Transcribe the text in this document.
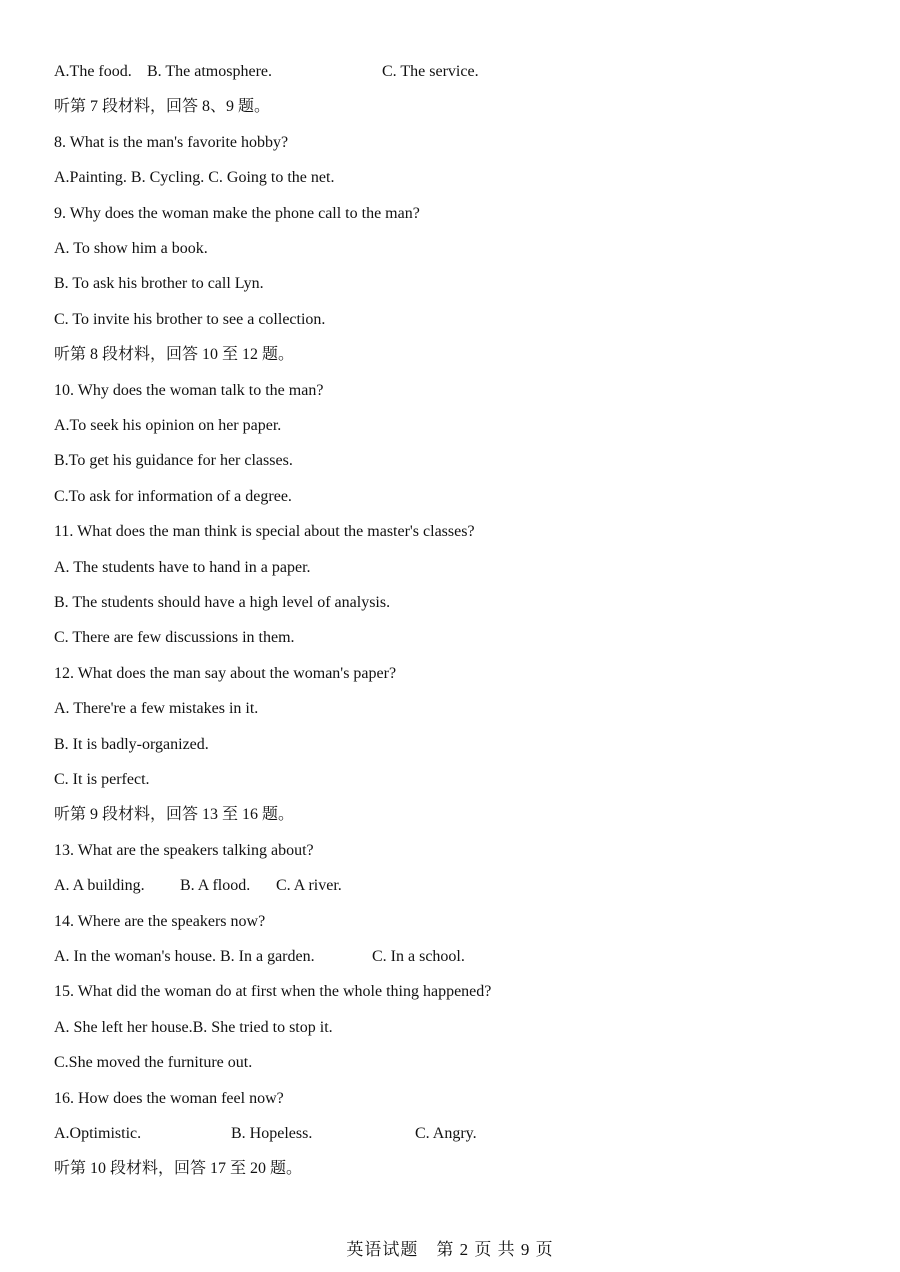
A.The food. B. The atmosphere.	C. The service.
听第 7 段材料，回答 8、9 题。
8. What is the man's favorite hobby?
A.Painting. B. Cycling. C. Going to the net.
9. Why does the woman make the phone call to the man?
A. To show him a book.
B. To ask his brother to call Lyn.
C. To invite his brother to see a collection.
听第 8 段材料，回答 10 至 12 题。
10. Why does the woman talk to the man?
A.To seek his opinion on her paper.
B.To get his guidance for her classes.
C.To ask for information of a degree.
11. What does the man think is special about the master's classes?
A. The students have to hand in a paper.
B. The students should have a high level of analysis.
C. There are few discussions in them.
12. What does the man say about the woman's paper?
A. There're a few mistakes in it.
B. It is badly-organized.
C. It is perfect.
听第 9 段材料，回答 13 至 16 题。
13. What are the speakers talking about?
A. A building. B. A flood. C. A river.
14. Where are the speakers now?
A. In the woman's house. B. In a garden.	C. In a school.
15. What did the woman do at first when the whole thing happened?
A. She left her house.B. She tried to stop it.
C.She moved the furniture out.
16. How does the woman feel now?
A.Optimistic.	B. Hopeless.	C. Angry.
听第 10 段材料，回答 17 至 20 题。
英语试题　第 2 页 共 9 页
